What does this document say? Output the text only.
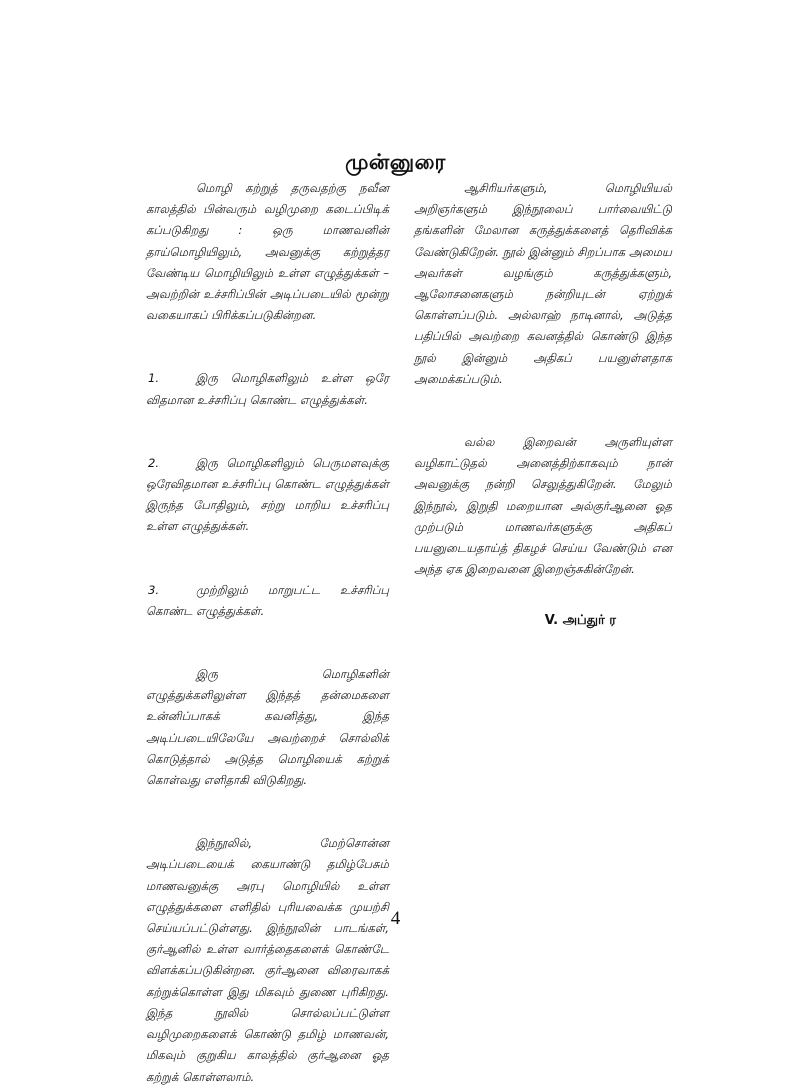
முன்னுரை

மொழி கற்றுத் தருவதற்கு நவீன காலத்தில் பின்வரும் வழிமுறை கடைப்பிடிக் கப்படுகிறது : ஒரு மாணவனின் தாய்மொழியிலும், அவனுக்கு கற்றுத்தர வேண்டிய மொழியிலும் உள்ள எழுத்துக்கள் – அவற்றின் உச்சரிப்பின் அடிப்படையில் மூன்று வகையாகப் பிரிக்கப்படுகின்றன.

1.	இரு மொழிகளிலும் உள்ள ஒரே விதமான உச்சரிப்பு கொண்ட எழுத்துக்கள்.

2.	இரு மொழிகளிலும் பெருமளவுக்கு ஒரேவிதமான உச்சரிப்பு கொண்ட எழுத்துக்கள் இருந்த போதிலும், சற்று மாறிய உச்சரிப்பு உள்ள எழுத்துக்கள்.

3.	முற்றிலும் மாறுபட்ட உச்சரிப்பு கொண்ட எழுத்துக்கள்.

இரு மொழிகளின் எழுத்துக்களிலுள்ள இந்தத் தன்மைகளை உன்னிப்பாகக் கவனித்து, இந்த அடிப்படையிலேயே அவற்றைச் சொல்லிக் கொடுத்தால் அடுத்த மொழியைக் கற்றுக் கொள்வது எளிதாகி விடுகிறது.

இந்நூலில், மேற்சொன்ன அடிப்படையைக் கையாண்டு தமிழ்பேசும் மாணவனுக்கு அரபு மொழியில் உள்ள எழுத்துக்களை எளிதில் புரியவைக்க முயற்சி செய்யப்பட்டுள்ளது. இந்நூலின் பாடங்கள், குர்ஆனில் உள்ள வார்த்தைகளைக் கொண்டே விளக்கப்படுகின்றன. குர்ஆனை விரைவாகக் கற்றுக்கொள்ள இது மிகவும் துணை புரிகிறது. இந்த நூலில் சொல்லப்பட்டுள்ள வழிமுறைகளைக் கொண்டு தமிழ் மாணவன், மிகவும் குறுகிய காலத்தில் குர்ஆனை ஓத கற்றுக் கொள்ளலாம்.

ஆசிரியர்களும், மொழியியல் அறிஞர்களும் இந்நூலைப் பார்வையிட்டு தங்களின் மேலான கருத்துக்களைத் தெரிவிக்க வேண்டுகிறேன். நூல் இன்னும் சிறப்பாக அமைய அவர்கள் வழங்கும் கருத்துக்களும், ஆலோசனைகளும் நன்றியுடன் ஏற்றுக் கொள்ளப்படும். அல்லாஹ் நாடினால், அடுத்த பதிப்பில் அவற்றை கவனத்தில் கொண்டு இந்த நூல் இன்னும் அதிகப் பயனுள்ளதாக அமைக்கப்படும்.

வல்ல இறைவன் அருளியுள்ள வழிகாட்டுதல் அனைத்திற்காகவும் நான் அவனுக்கு நன்றி செலுத்துகிறேன். மேலும் இந்நூல், இறுதி மறையான அல்குர்ஆனை ஓத முற்படும் மாணவர்களுக்கு அதிகப் பயனுடையதாய்த் திகழச் செய்ய வேண்டும் என அந்த ஏக இறைவனை இறைஞ்சுகின்றேன்.

V. அப்துர் ர
4
